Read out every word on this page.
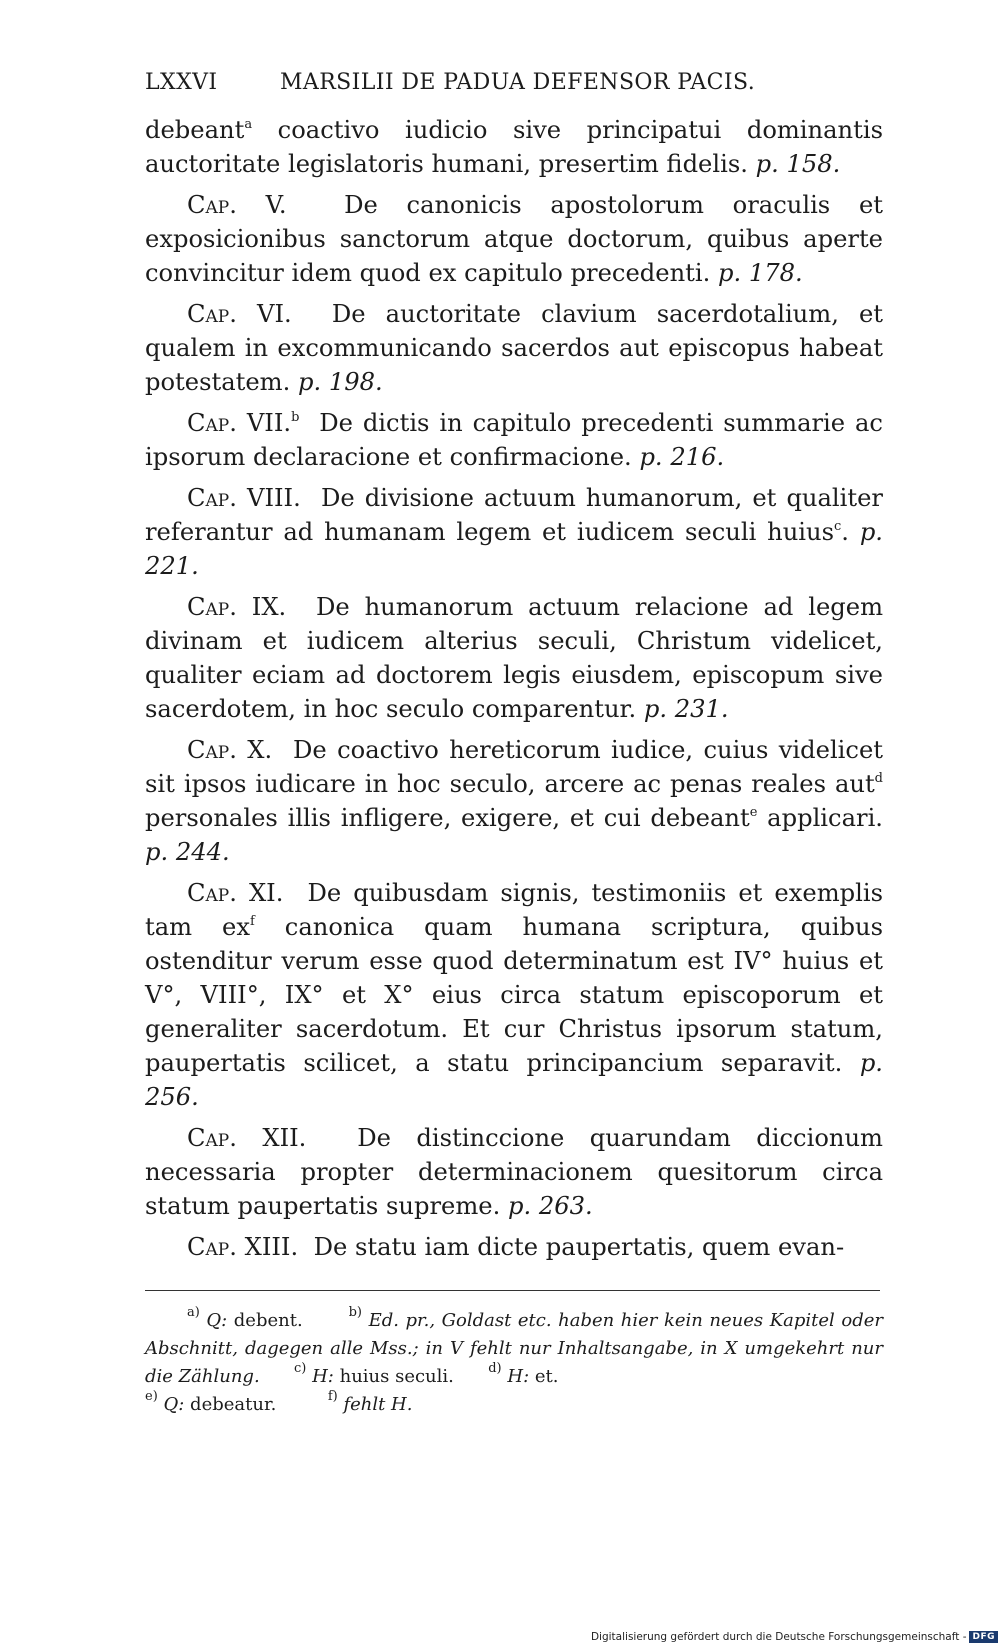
LXXVI	MARSILII DE PADUA DEFENSOR PACIS.

debeant$^a$ coactivo iudicio sive principatui dominantis auctoritate legislatoris humani, presertim fidelis. p. 158.

Cap. V. De canonicis apostolorum oraculis et exposicionibus sanctorum atque doctorum, quibus aperte convincitur idem quod ex capitulo precedenti. p. 178.

Cap. VI. De auctoritate clavium sacerdotalium, et qualem in excommunicando sacerdos aut episcopus habeat potestatem. p. 198.

Cap. VII.$^b$ De dictis in capitulo precedenti summarie ac ipsorum declaracione et confirmacione. p. 216.

Cap. VIII. De divisione actuum humanorum, et qualiter referantur ad humanam legem et iudicem seculi huius$^c$. p. 221.

Cap. IX. De humanorum actuum relacione ad legem divinam et iudicem alterius seculi, Christum videlicet, qualiter eciam ad doctorem legis eiusdem, episcopum sive sacerdotem, in hoc seculo comparentur. p. 231.

Cap. X. De coactivo hereticorum iudice, cuius videlicet sit ipsos iudicare in hoc seculo, arcere ac penas reales aut$^d$ personales illis infligere, exigere, et cui debeant$^e$ applicari. p. 244.

Cap. XI. De quibusdam signis, testimoniis et exemplis tam $ex^f$ canonica quam humana scriptura, quibus ostenditur verum esse quod determinatum est IV° huius et V°, VIII°, IX° et X° eius circa statum episcoporum et generaliter sacerdotum. Et cur Christus ipsorum statum, paupertatis scilicet, a statu principancium separavit. p. 256.

Cap. XII. De distinccione quarundam diccionum necessaria propter determinacionem quesitorum circa statum paupertatis supreme. p. 263.

Cap. XIII. De statu iam dicte paupertatis, quem evan-

$^{a)}$ Q: debent.	$^{b)}$ Ed. pr., Goldast etc. haben hier kein neues Kapitel oder Abschnitt, dagegen alle Mss.; in V fehlt nur Inhaltsangabe, in X umgekehrt nur die Zählung.	$^{c)}$ H: huius seculi.	$^{d)}$ H: et.

$^{e)}$ Q: debeatur.	$^{f)}$ fehlt H.

Digitalisierung gefördert durch die Deutsche Forschungsgemeinschaft - DFG
